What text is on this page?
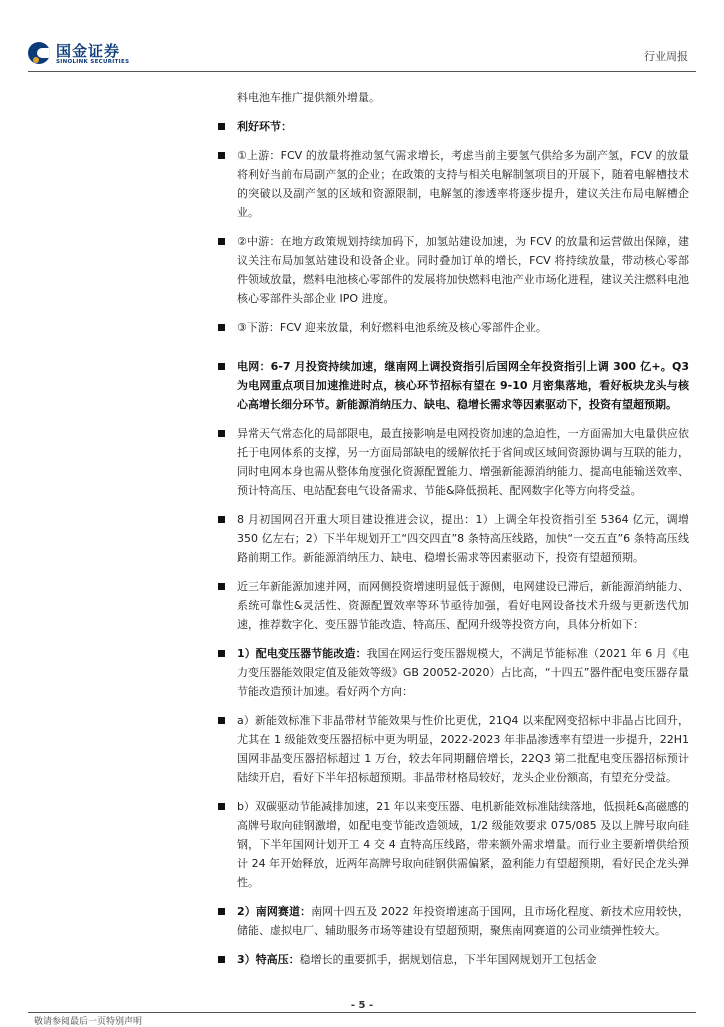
国金证券
SINOLINK SECURITIES	行业周报
料电池车推广提供额外增量。
利好环节：
①上游：FCV 的放量将推动氢气需求增长，考虑当前主要氢气供给多为副产氢，FCV 的放量将利好当前布局副产氢的企业；在政策的支持与相关电解制氢项目的开展下，随着电解槽技术的突破以及副产氢的区域和资源限制，电解氢的渗透率将逐步提升，建议关注布局电解槽企业。
②中游：在地方政策规划持续加码下，加氢站建设加速，为 FCV 的放量和运营做出保障，建议关注布局加氢站建设和设备企业。同时叠加订单的增长，FCV 将持续放量，带动核心零部件领域放量，燃料电池核心零部件的发展将加快燃料电池产业市场化进程，建议关注燃料电池核心零部件头部企业 IPO 进度。
③下游：FCV 迎来放量，利好燃料电池系统及核心零部件企业。
电网：6-7 月投资持续加速，继南网上调投资指引后国网全年投资指引上调 300 亿+。Q3 为电网重点项目加速推进时点，核心环节招标有望在 9-10 月密集落地，看好板块龙头与核心高增长细分环节。新能源消纳压力、缺电、稳增长需求等因素驱动下，投资有望超预期。
异常天气常态化的局部限电，最直接影响是电网投资加速的急迫性，一方面需加大电量供应依托于电网体系的支撑，另一方面局部缺电的缓解依托于省间或区域间资源协调与互联的能力，同时电网本身也需从整体角度强化资源配置能力、增强新能源消纳能力、提高电能输送效率、预计特高压、电站配套电气设备需求、节能&降低损耗、配网数字化等方向将受益。
8 月初国网召开重大项目建设推进会议，提出：1）上调全年投资指引至 5364 亿元，调增 350 亿左右；2）下半年规划开工“四交四直”8 条特高压线路，加快“一交五直”6 条特高压线路前期工作。新能源消纳压力、缺电、稳增长需求等因素驱动下，投资有望超预期。
近三年新能源加速并网，而网侧投资增速明显低于源侧，电网建设已滞后，新能源消纳能力、系统可靠性&灵活性、资源配置效率等环节亟待加强，看好电网设备技术升级与更新迭代加速，推荐数字化、变压器节能改造、特高压、配网升级等投资方向，具体分析如下：
1）配电变压器节能改造：我国在网运行变压器规模大，不满足节能标准（2021 年 6 月《电力变压器能效限定值及能效等级》GB 20052-2020）占比高，“十四五”器件配电变压器存量节能改造预计加速。看好两个方向：
a）新能效标准下非晶带材节能效果与性价比更优，21Q4 以来配网变招标中非晶占比回升，尤其在 1 级能效变压器招标中更为明显，2022-2023 年非晶渗透率有望进一步提升，22H1 国网非晶变压器招标超过 1 万台，较去年同期翻倍增长，22Q3 第二批配电变压器招标预计陆续开启，看好下半年招标超预期。非晶带材格局较好，龙头企业份额高，有望充分受益。
b）双碳驱动节能减排加速，21 年以来变压器、电机新能效标准陆续落地，低损耗&高磁感的高牌号取向硅钢激增，如配电变节能改造领域，1/2 级能效要求 075/085 及以上牌号取向硅钢，下半年国网计划开工 4 交 4 直特高压线路，带来额外需求增量。而行业主要新增供给预计 24 年开始释放，近两年高牌号取向硅钢供需偏紧，盈利能力有望超预期，看好民企龙头弹性。
2）南网赛道：南网十四五及 2022 年投资增速高于国网，且市场化程度、新技术应用较快，储能、虚拟电厂、辅助服务市场等建设有望超预期，聚焦南网赛道的公司业绩弹性较大。
3）特高压：稳增长的重要抓手，据规划信息，下半年国网规划开工包括金
- 5 -
敬请参阅最后一页特别声明
